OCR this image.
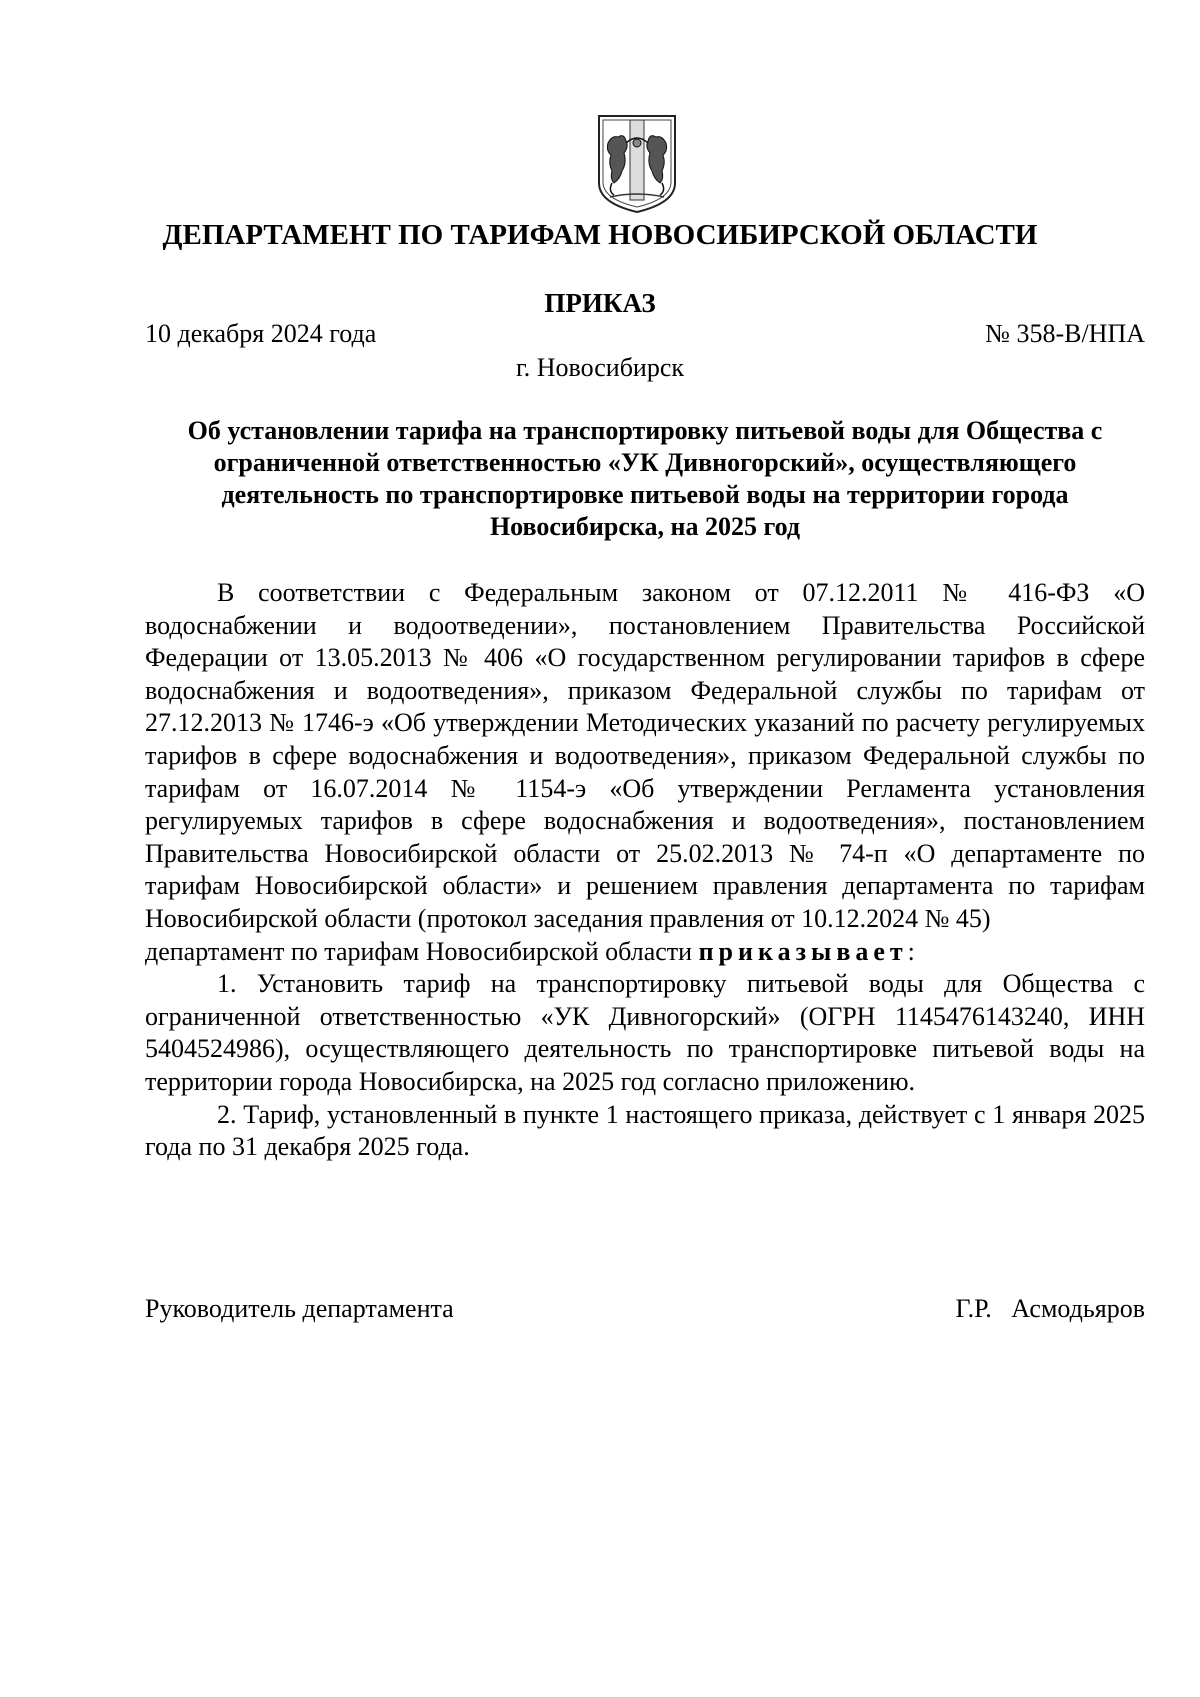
ДЕПАРТАМЕНТ ПО ТАРИФАМ НОВОСИБИРСКОЙ ОБЛАСТИ
ПРИКАЗ
10 декабря 2024 года	№ 358-В/НПА
г. Новосибирск
Об установлении тарифа на транспортировку питьевой воды для Общества с ограниченной ответственностью «УК Дивногорский», осуществляющего деятельность по транспортировке питьевой воды на территории города Новосибирска, на 2025 год

В соответствии с Федеральным законом от 07.12.2011 № 416-ФЗ «О водоснабжении и водоотведении», постановлением Правительства Российской Федерации от 13.05.2013 № 406 «О государственном регулировании тарифов в сфере водоснабжения и водоотведения», приказом Федеральной службы по тарифам от 27.12.2013 № 1746-э «Об утверждении Методических указаний по расчету регулируемых тарифов в сфере водоснабжения и водоотведения», приказом Федеральной службы по тарифам от 16.07.2014 № 1154-э «Об утверждении Регламента установления регулируемых тарифов в сфере водоснабжения и водоотведения», постановлением Правительства Новосибирской области от 25.02.2013 № 74-п «О департаменте по тарифам Новосибирской области» и решением правления департамента по тарифам Новосибирской области (протокол заседания правления от 10.12.2024 № 45)

департамент по тарифам Новосибирской области приказывает:

1. Установить тариф на транспортировку питьевой воды для Общества с ограниченной ответственностью «УК Дивногорский» (ОГРН 1145476143240, ИНН 5404524986), осуществляющего деятельность по транспортировке питьевой воды на территории города Новосибирска, на 2025 год согласно приложению.

2. Тариф, установленный в пункте 1 настоящего приказа, действует с 1 января 2025 года по 31 декабря 2025 года.

Руководитель департамента	Г.Р.   Асмодьяров
